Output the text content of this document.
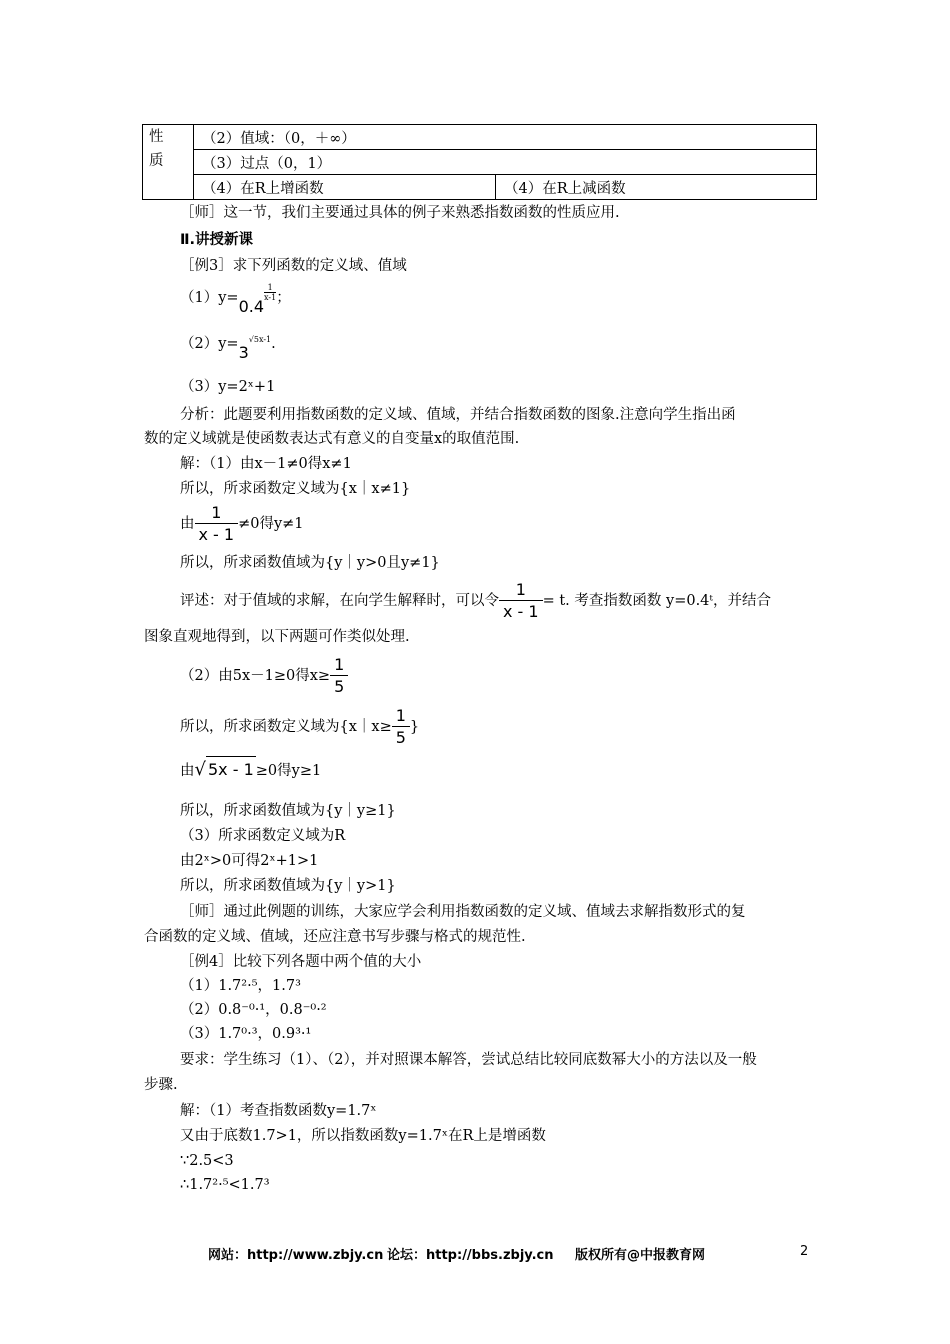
性
质	（2）值域：（0，＋∞）	
	（3）过点（0，1）	
	（4）在R上增函数	（4）在R上减函数
［师］这一节，我们主要通过具体的例子来熟悉指数函数的性质应用.
Ⅱ.讲授新课
［例3］求下列函数的定义域、值域
（1）y=0.4
$\frac{1}{x-1}$；
$(2)y=3^{√5x-1}$.
（3）y=2ˣ+1
分析：此题要利用指数函数的定义域、值域，并结合指数函数的图象.注意向学生指出函
数的定义域就是使函数表达式有意义的自变量x的取值范围.
解：（1）由x－1≠0得x≠1
所以，所求函数定义域为{x｜x≠1}
由 $\frac{1}{x - 1} \ne 0$得y≠1
所以，所求函数值域为{y｜y>0且y≠1}
评述：对于值域的求解，在向学生解释时，可以令 $\frac{1}{x - 1} = t$. 考查指数函数 y=0.4ᵗ，并结合
图象直观地得到，以下两题可作类似处理.
（2）由5x－1≥0得$x\ge \frac{1}{5}$
所以，所求函数定义域为{x｜x≥ $\frac{1}{5}$ }
由√ 5x - 1 ≥0得y≥1
所以，所求函数值域为{y｜y≥1}
（3）所求函数定义域为R
由2ˣ>0可得2ˣ+1>1
所以，所求函数值域为{y｜y>1}
［师］通过此例题的训练，大家应学会利用指数函数的定义域、值域去求解指数形式的复
合函数的定义域、值域，还应注意书写步骤与格式的规范性.
［例4］比较下列各题中两个值的大小
（1）1.7²·⁵，1.7³
（2）0.8⁻⁰·¹，0.8⁻⁰·²
（3）1.7⁰·³，0.9³·¹
要求：学生练习（1）、（2），并对照课本解答，尝试总结比较同底数幂大小的方法以及一般
步骤.
解：（1）考查指数函数y=1.7ˣ
又由于底数1.7>1，所以指数函数y=1.7ˣ在R上是增函数
∵2.5<3
∴1.7²·⁵<1.7³
网站：http://www.zbjy.cn 论坛：http://bbs.zbjy.cn 版权所有@中报教育网	2
